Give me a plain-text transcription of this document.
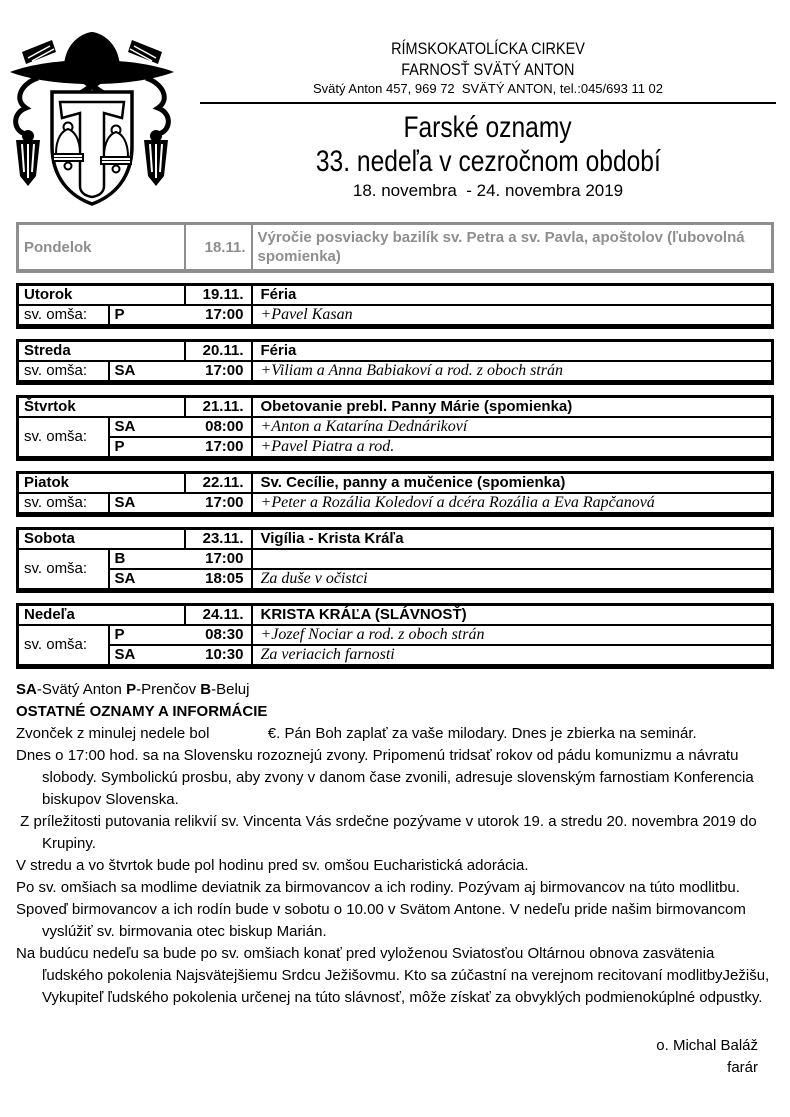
RÍMSKOKATOLÍCKA CIRKEV
FARNOSŤ SVÄTÝ ANTON
Svätý Anton 457, 969 72  SVÄTÝ ANTON, tel.:045/693 11 02
Farské oznamy
33. nedeľa v cezročnom období
18. novembra  - 24. novembra 2019
Pondelok	18.11.	Výročie posviacky bazilík sv. Petra a sv. Pavla, apoštolov (ľubovolná spomienka)
Utorok		19.11.	Féria
sv. omša:	P 17:00		+Pavel Kasan
Streda		20.11.	Féria
sv. omša:	SA 17:00		+Viliam a Anna Babiakoví a rod. z oboch strán
Štvrtok		21.11.	Obetovanie prebl. Panny Márie (spomienka)
sv. omša:	SA 08:00		+Anton a Katarína Dednárikoví

	P 17:00		+Pavel Piatra a rod.
Piatok		22.11.	Sv. Cecílie, panny a mučenice (spomienka)
sv. omša:	SA 17:00		+Peter a Rozália Koledoví a dcéra Rozália a Eva Rapčanová
Sobota		23.11.	Vigília - Krista Kráľa
sv. omša:	B 17:00		

	SA 18:05		Za duše v očistci
Nedeľa		24.11.	KRISTA KRÁĽA (SLÁVNOSŤ)
sv. omša:	P 08:30		+Jozef Nociar a rod. z oboch strán

	SA 10:30		Za veriacich farnosti

SA-Svätý Anton P-Prenčov B-Beluj

OSTATNÉ OZNAMY A INFORMÁCIE

Zvonček z minulej nedele bol              €. Pán Boh zaplať za vaše milodary. Dnes je zbierka na seminár.

Dnes o 17:00 hod. sa na Slovensku rozoznejú zvony. Pripomenú tridsať rokov od pádu komunizmu a návratu slobody. Symbolickú prosbu, aby zvony v danom čase zvonili, adresuje slovenským farnostiam Konferencia biskupov Slovenska.

Z príležitosti putovania relikvií sv. Vincenta Vás srdečne pozývame v utorok 19. a stredu 20. novembra 2019 do Krupiny.

V stredu a vo štvrtok bude pol hodinu pred sv. omšou Eucharistická adorácia.

Po sv. omšiach sa modlime deviatnik za birmovancov a ich rodiny. Pozývam aj birmovancov na túto modlitbu.

Spoveď birmovancov a ich rodín bude v sobotu o 10.00 v Svätom Antone. V nedeľu pride našim birmovancom vyslúžiť sv. birmovania otec biskup Marián.

Na budúcu nedeľu sa bude po sv. omšiach konať pred vyloženou Sviatosťou Oltárnou obnova zasvätenia ľudského pokolenia Najsvätejšiemu Srdcu Ježišovmu. Kto sa zúčastní na verejnom recitovaní modlitbyJežišu, Vykupiteľ ľudského pokolenia určenej na túto slávnosť, môže získať za obvyklých podmienokúplné odpustky.

o. Michal Baláž
farár
